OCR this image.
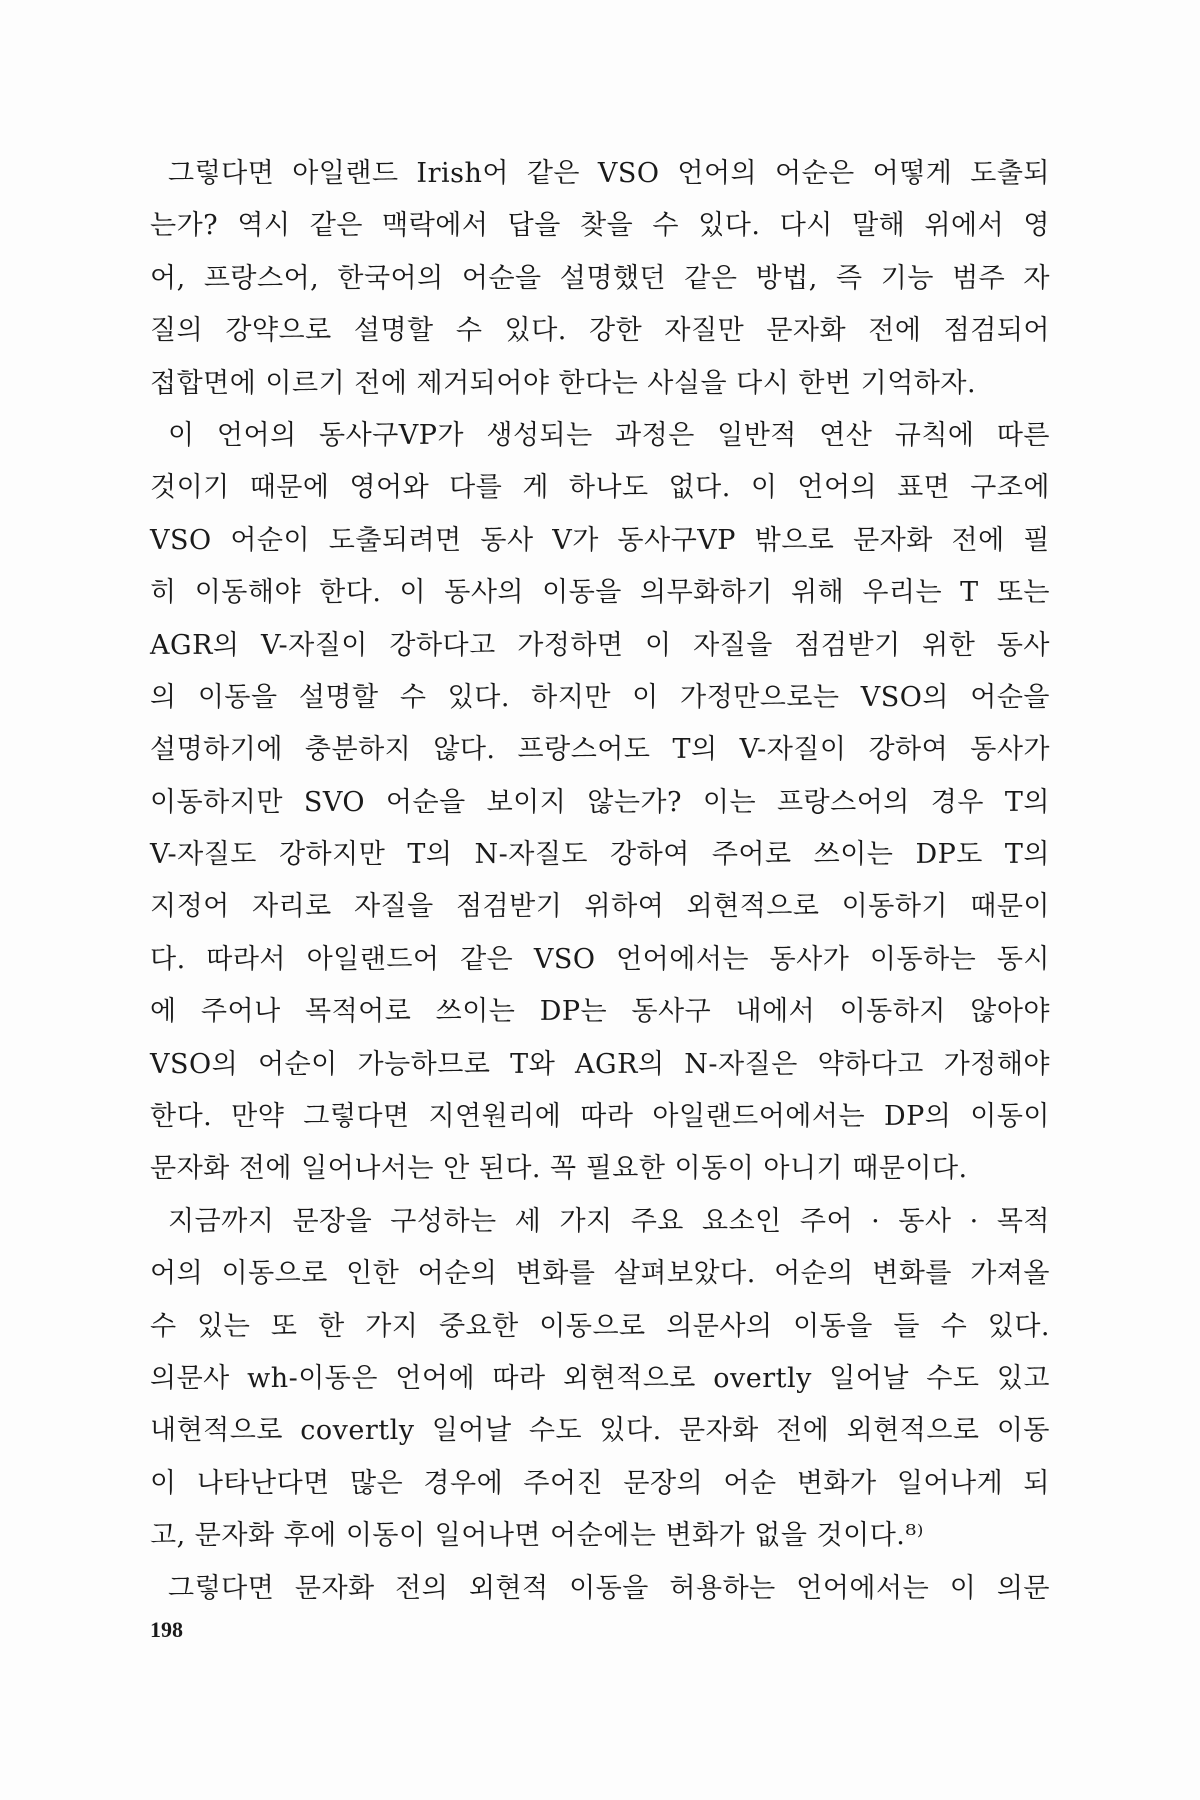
그렇다면 아일랜드 Irish어 같은 VSO 언어의 어순은 어떻게 도출되
는가? 역시 같은 맥락에서 답을 찾을 수 있다. 다시 말해 위에서 영
어, 프랑스어, 한국어의 어순을 설명했던 같은 방법, 즉 기능 범주 자
질의 강약으로 설명할 수 있다. 강한 자질만 문자화 전에 점검되어
접합면에 이르기 전에 제거되어야 한다는 사실을 다시 한번 기억하자.
이 언어의 동사구VP가 생성되는 과정은 일반적 연산 규칙에 따른
것이기 때문에 영어와 다를 게 하나도 없다. 이 언어의 표면 구조에
VSO 어순이 도출되려면 동사 V가 동사구VP 밖으로 문자화 전에 필
히 이동해야 한다. 이 동사의 이동을 의무화하기 위해 우리는 T 또는
AGR의 V-자질이 강하다고 가정하면 이 자질을 점검받기 위한 동사
의 이동을 설명할 수 있다. 하지만 이 가정만으로는 VSO의 어순을
설명하기에 충분하지 않다. 프랑스어도 T의 V-자질이 강하여 동사가
이동하지만 SVO 어순을 보이지 않는가? 이는 프랑스어의 경우 T의
V-자질도 강하지만 T의 N-자질도 강하여 주어로 쓰이는 DP도 T의
지정어 자리로 자질을 점검받기 위하여 외현적으로 이동하기 때문이
다. 따라서 아일랜드어 같은 VSO 언어에서는 동사가 이동하는 동시
에 주어나 목적어로 쓰이는 DP는 동사구 내에서 이동하지 않아야
VSO의 어순이 가능하므로 T와 AGR의 N-자질은 약하다고 가정해야
한다. 만약 그렇다면 지연원리에 따라 아일랜드어에서는 DP의 이동이
문자화 전에 일어나서는 안 된다. 꼭 필요한 이동이 아니기 때문이다.
지금까지 문장을 구성하는 세 가지 주요 요소인 주어 · 동사 · 목적
어의 이동으로 인한 어순의 변화를 살펴보았다. 어순의 변화를 가져올
수 있는 또 한 가지 중요한 이동으로 의문사의 이동을 들 수 있다.
의문사 wh-이동은 언어에 따라 외현적으로 overtly 일어날 수도 있고
내현적으로 covertly 일어날 수도 있다. 문자화 전에 외현적으로 이동
이 나타난다면 많은 경우에 주어진 문장의 어순 변화가 일어나게 되
고, 문자화 후에 이동이 일어나면 어순에는 변화가 없을 것이다.⁸⁾
그렇다면 문자화 전의 외현적 이동을 허용하는 언어에서는 이 의문
198
